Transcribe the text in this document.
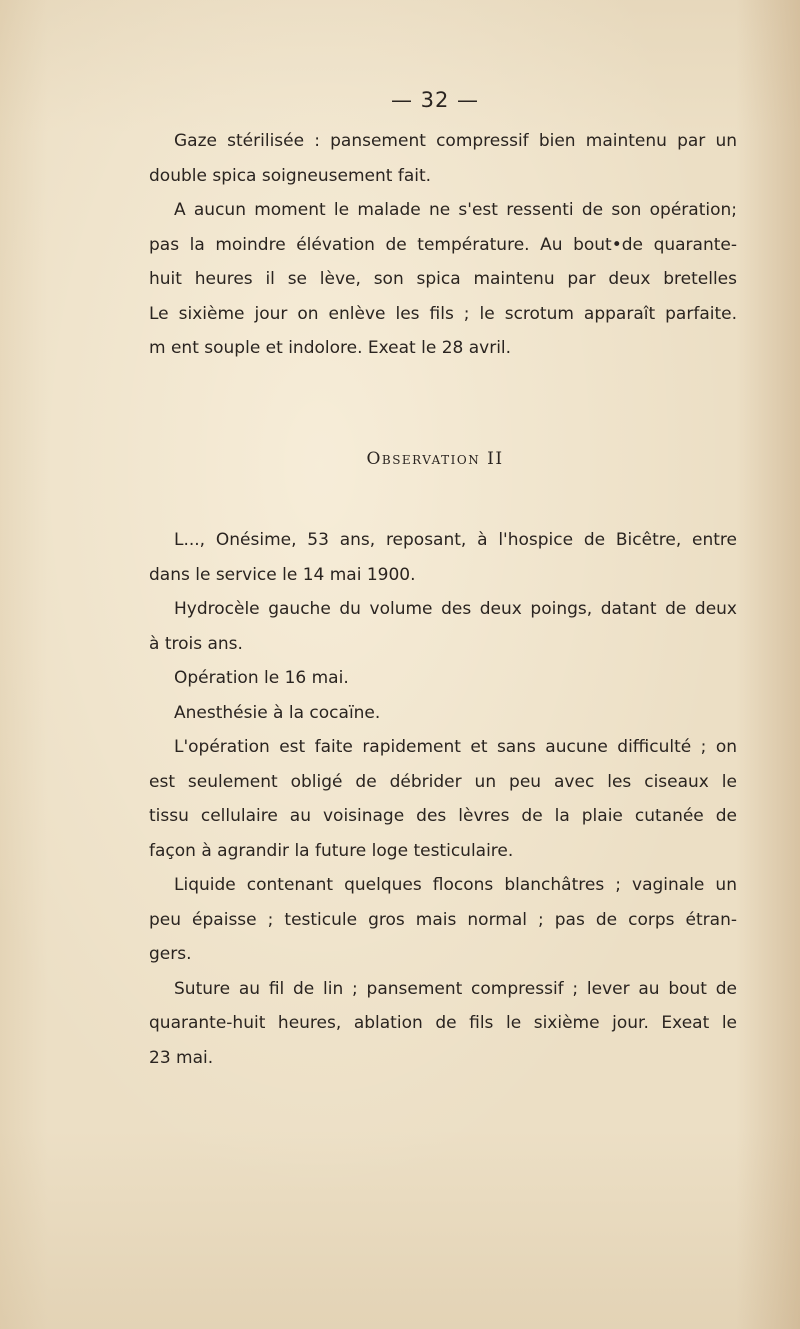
— 32 —
Gaze stérilisée : pansement compressif bien maintenu par un
double spica soigneusement fait.
A aucun moment le malade ne s'est ressenti de son opération;
pas la moindre élévation de température. Au bout•de quarante-
huit heures il se lève, son spica maintenu par deux bretelles
Le sixième jour on enlève les fils ; le scrotum apparaît parfaite.
m ent souple et indolore. Exeat le 28 avril.
Observation II
L..., Onésime, 53 ans, reposant, à l'hospice de Bicêtre, entre
dans le service le 14 mai 1900.
Hydrocèle gauche du volume des deux poings, datant de deux
à trois ans.
Opération le 16 mai.
Anesthésie à la cocaïne.
L'opération est faite rapidement et sans aucune difficulté ; on
est seulement obligé de débrider un peu avec les ciseaux le
tissu cellulaire au voisinage des lèvres de la plaie cutanée de
façon à agrandir la future loge testiculaire.
Liquide contenant quelques flocons blanchâtres ; vaginale un
peu épaisse ; testicule gros mais normal ; pas de corps étran-
gers.
Suture au fil de lin ; pansement compressif ; lever au bout de
quarante-huit heures, ablation de fils le sixième jour. Exeat le
23 mai.
